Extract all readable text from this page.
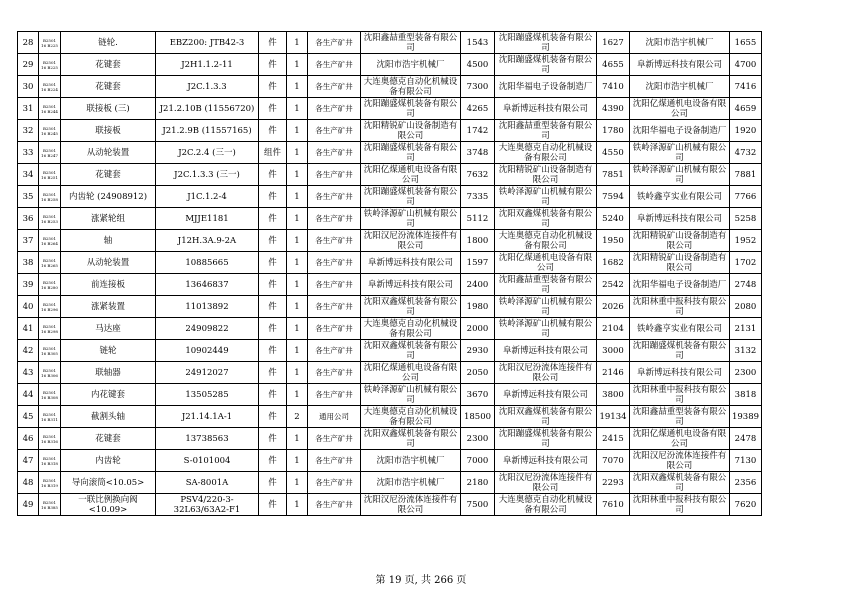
28	B2501 16 B225	链轮.	EBZ200: JTB42-3	件	1	各生产矿井	沈阳鑫喆重型装备有限公司	1543	沈阳蹦盛煤机装备有限公司	1627	沈阳市浩宇机械厂	1655
29	B2501 16 B225	花键套	J2H1.1.2-11	件	1	各生产矿井	沈阳市浩宇机械厂	4500	沈阳蹦盛煤机装备有限公司	4655	阜新博远科技有限公司	4700
30	B2501 16 B224	花键套	J2C.1.3.3	件	1	各生产矿井	大连奥德克自动化机械设备有限公司	7300	沈阳华福电子设备制造厂	7410	沈阳市浩宇机械厂	7416
31	B2501 16 B244	联接板 (三)	J21.2.10B (11556720)	件	1	各生产矿井	沈阳蹦盛煤机装备有限公司	4265	阜新博远科技有限公司	4390	沈阳亿煤通机电设备有限公司	4659
32	B2501 16 B245	联接板	J21.2.9B (11557165)	件	1	各生产矿井	沈阳精锐矿山设备制造有限公司	1742	沈阳鑫喆重型装备有限公司	1780	沈阳华福电子设备制造厂	1920
33	B2501 16 B247	从动轮装置	J2C.2.4 (三一)	组件	1	各生产矿井	沈阳蹦盛煤机装备有限公司	3748	大连奥德克自动化机械设备有限公司	4550	铁岭泽源矿山机械有限公司	4732
34	B2501 16 B251	花键套	J2C.1.3.3 (三一)	件	1	各生产矿井	沈阳亿煤通机电设备有限公司	7632	沈阳精锐矿山设备制造有限公司	7851	铁岭泽源矿山机械有限公司	7881
35	B2501 16 B258	内齿轮 (24908912)	J1C.1.2-4	件	1	各生产矿井	沈阳蹦盛煤机装备有限公司	7335	铁岭泽源矿山机械有限公司	7594	铁岭鑫亨实业有限公司	7766
36	B2501 16 B253	涨紧轮组	MJJE1181	件	1	各生产矿井	铁岭泽源矿山机械有限公司	5112	沈阳双鑫煤机装备有限公司	5240	阜新博远科技有限公司	5258
37	B2501 16 B264	轴	J12H.3A.9-2A	件	1	各生产矿井	沈阳汉尼汾流体连接件有限公司	1800	大连奥德克自动化机械设备有限公司	1950	沈阳精锐矿山设备制造有限公司	1952
38	B2501 16 B265	从动轮装置	10885665	件	1	各生产矿井	阜新博远科技有限公司	1597	沈阳亿煤通机电设备有限公司	1682	沈阳精锐矿山设备制造有限公司	1702
39	B2501 16 B280	前连接板	13646837	件	1	各生产矿井	阜新博远科技有限公司	2400	沈阳鑫喆重型装备有限公司	2542	沈阳华福电子设备制造厂	2748
40	B2501 16 B296	涨紧装置	11013892	件	1	各生产矿井	沈阳双鑫煤机装备有限公司	1980	铁岭泽源矿山机械有限公司	2026	沈阳林重中报科技有限公司	2080
41	B2501 16 B298	马达座	24909822	件	1	各生产矿井	大连奥德克自动化机械设备有限公司	2000	铁岭泽源矿山机械有限公司	2104	铁岭鑫亨实业有限公司	2131
42	B2501 16 B305	链轮	10902449	件	1	各生产矿井	沈阳双鑫煤机装备有限公司	2930	阜新博远科技有限公司	3000	沈阳蹦盛煤机装备有限公司	3132
43	B2501 16 B306	联轴器	24912027	件	1	各生产矿井	沈阳亿煤通机电设备有限公司	2050	沈阳汉尼汾流体连接件有限公司	2146	阜新博远科技有限公司	2300
44	B2501 16 B308	内花键套	13505285	件	1	各生产矿井	铁岭泽源矿山机械有限公司	3670	阜新博远科技有限公司	3800	沈阳林重中报科技有限公司	3818
45	B2501 16 B311	截割头轴	J21.14.1A-1	件	2	通用公司	大连奥德克自动化机械设备有限公司	18500	沈阳双鑫煤机装备有限公司	19134	沈阳鑫喆重型装备有限公司	19389
46	B2501 16 B316	花键套	13738563	件	1	各生产矿井	沈阳双鑫煤机装备有限公司	2300	沈阳蹦盛煤机装备有限公司	2415	沈阳亿煤通机电设备有限公司	2478
47	B2501 16 B318	内齿轮	S-0101004	件	1	各生产矿井	沈阳市浩宇机械厂	7000	阜新博远科技有限公司	7070	沈阳汉尼汾流体连接件有限公司	7130
48	B2501 16 B319	导向滚筒<10.05>	SA-8001A	件	1	各生产矿井	沈阳市浩宇机械厂	2180	沈阳汉尼汾流体连接件有限公司	2293	沈阳双鑫煤机装备有限公司	2356
49	B2501 16 B385	一联比例换向阀 <10.09>	PSV4/220-3-32L63/63A2-F1	件	1	各生产矿井	沈阳汉尼汾流体连接件有限公司	7500	大连奥德克自动化机械设备有限公司	7610	沈阳林重中报科技有限公司	7620
第 19 页, 共 266 页
